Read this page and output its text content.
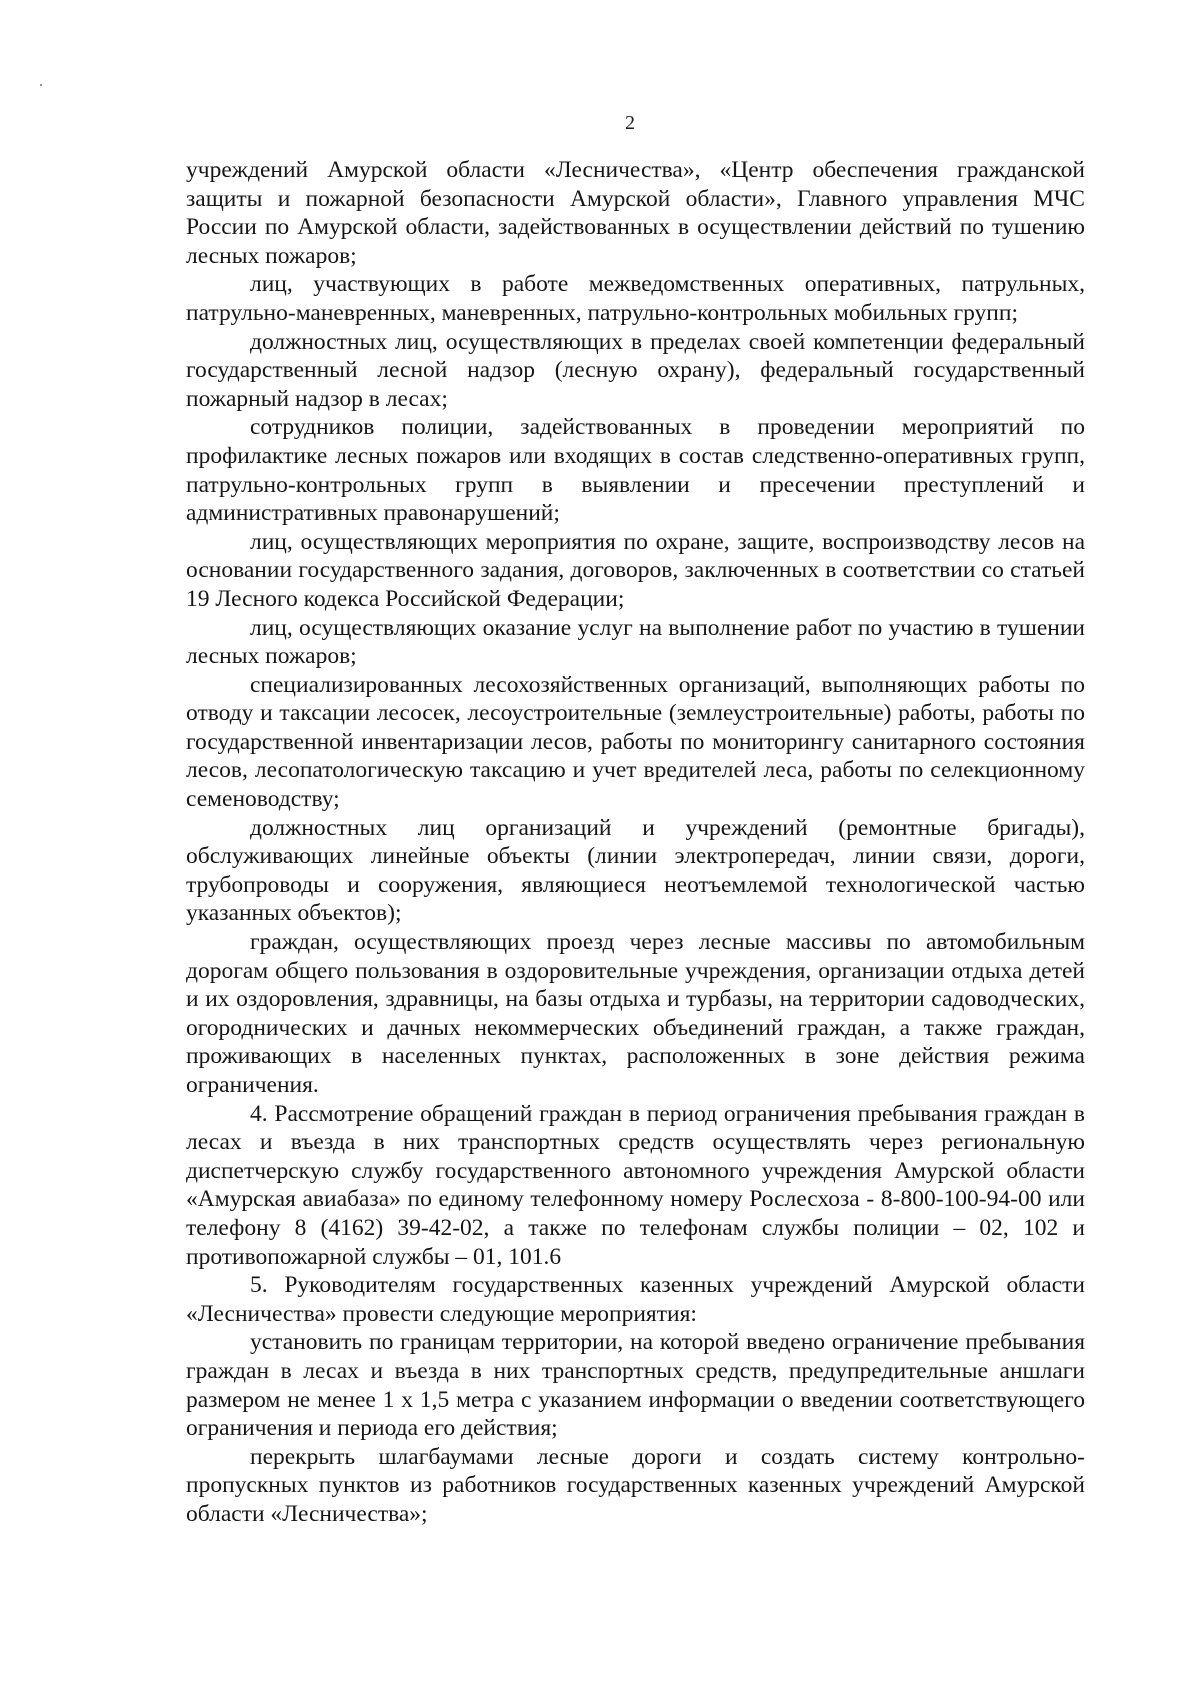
2

учреждений Амурской области «Лесничества», «Центр обеспечения гражданской защиты и пожарной безопасности Амурской области», Главного управления МЧС России по Амурской области, задействованных в осуществлении действий по тушению лесных пожаров;

лиц, участвующих в работе межведомственных оперативных, патрульных, патрульно-маневренных, маневренных, патрульно-контрольных мобильных групп;

должностных лиц, осуществляющих в пределах своей компетенции федеральный государственный лесной надзор (лесную охрану), федеральный государственный пожарный надзор в лесах;

сотрудников полиции, задействованных в проведении мероприятий по профилактике лесных пожаров или входящих в состав следственно-оперативных групп, патрульно-контрольных групп в выявлении и пресечении преступлений и административных правонарушений;

лиц, осуществляющих мероприятия по охране, защите, воспроизводству лесов на основании государственного задания, договоров, заключенных в соответствии со статьей 19 Лесного кодекса Российской Федерации;

лиц, осуществляющих оказание услуг на выполнение работ по участию в тушении лесных пожаров;

специализированных лесохозяйственных организаций, выполняющих работы по отводу и таксации лесосек, лесоустроительные (землеустроительные) работы, работы по государственной инвентаризации лесов, работы по мониторингу санитарного состояния лесов, лесопатологическую таксацию и учет вредителей леса, работы по селекционному семеноводству;

должностных лиц организаций и учреждений (ремонтные бригады), обслуживающих линейные объекты (линии электропередач, линии связи, дороги, трубопроводы и сооружения, являющиеся неотъемлемой технологической частью указанных объектов);

граждан, осуществляющих проезд через лесные массивы по автомобильным дорогам общего пользования в оздоровительные учреждения, организации отдыха детей и их оздоровления, здравницы, на базы отдыха и турбазы, на территории садоводческих, огороднических и дачных некоммерческих объединений граждан, а также граждан, проживающих в населенных пунктах, расположенных в зоне действия режима ограничения.

4. Рассмотрение обращений граждан в период ограничения пребывания граждан в лесах и въезда в них транспортных средств осуществлять через региональную диспетчерскую службу государственного автономного учреждения Амурской области «Амурская авиабаза» по единому телефонному номеру Рослесхоза - 8-800-100-94-00 или телефону 8 (4162) 39-42-02, а также по телефонам службы полиции – 02, 102 и противопожарной службы – 01, 101.6

5. Руководителям государственных казенных учреждений Амурской области «Лесничества» провести следующие мероприятия:

установить по границам территории, на которой введено ограничение пребывания граждан в лесах и въезда в них транспортных средств, предупредительные аншлаги размером не менее 1 х 1,5 метра с указанием информации о введении соответствующего ограничения и периода его действия;

перекрыть шлагбаумами лесные дороги и создать систему контрольно-пропускных пунктов из работников государственных казенных учреждений Амурской области «Лесничества»;
